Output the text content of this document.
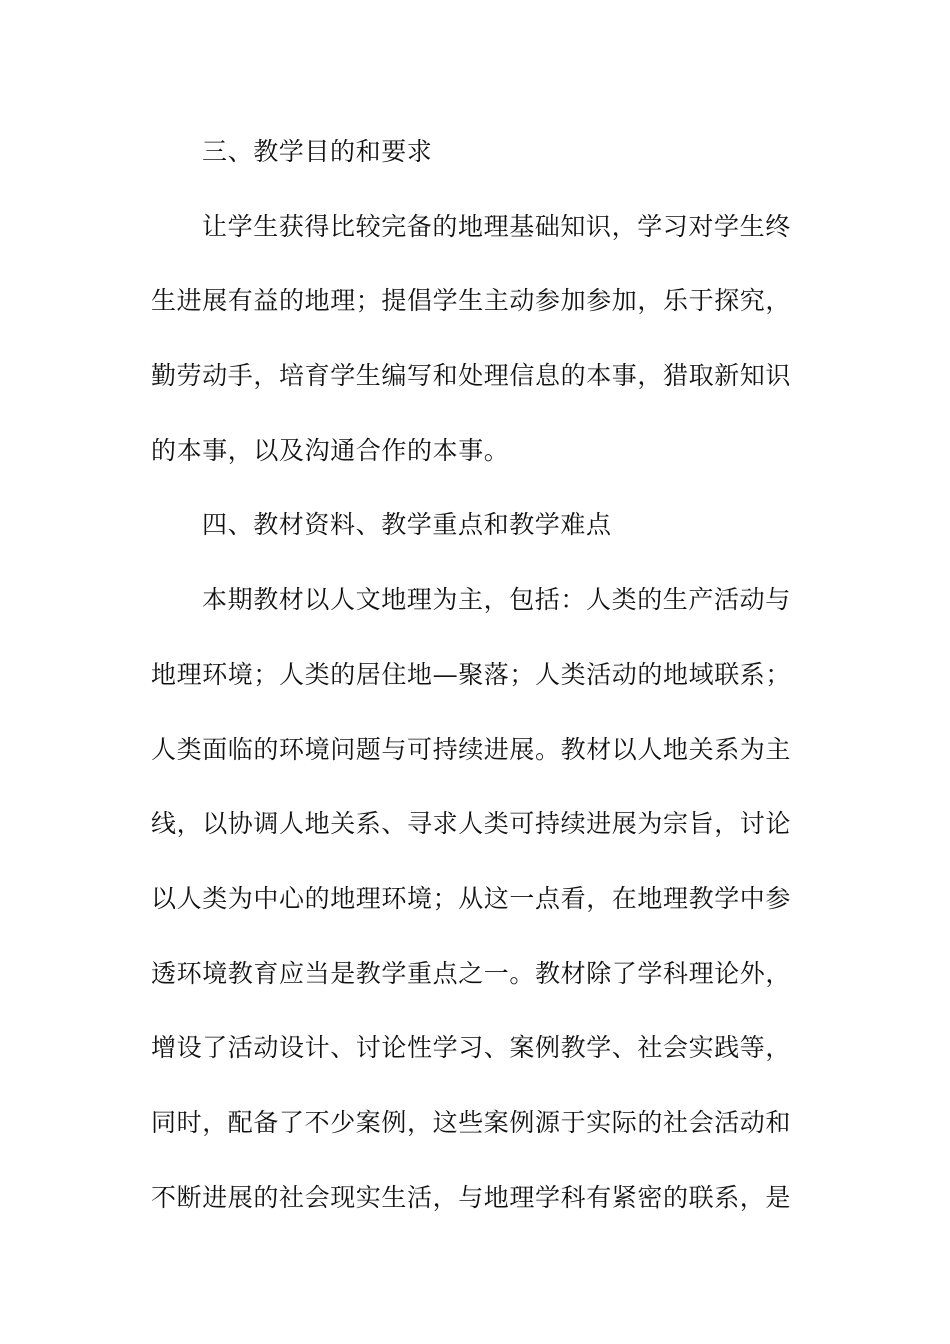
三、教学目的和要求
让学生获得比较完备的地理基础知识，学习对学生终
生进展有益的地理；提倡学生主动参加参加，乐于探究，
勤劳动手，培育学生编写和处理信息的本事，猎取新知识
的本事，以及沟通合作的本事。
四、教材资料、教学重点和教学难点
本期教材以人文地理为主，包括：人类的生产活动与
地理环境；人类的居住地—聚落；人类活动的地域联系；
人类面临的环境问题与可持续进展。教材以人地关系为主
线，以协调人地关系、寻求人类可持续进展为宗旨，讨论
以人类为中心的地理环境；从这一点看，在地理教学中参
透环境教育应当是教学重点之一。教材除了学科理论外，
增设了活动设计、讨论性学习、案例教学、社会实践等，
同时，配备了不少案例，这些案例源于实际的社会活动和
不断进展的社会现实生活，与地理学科有紧密的联系，是
